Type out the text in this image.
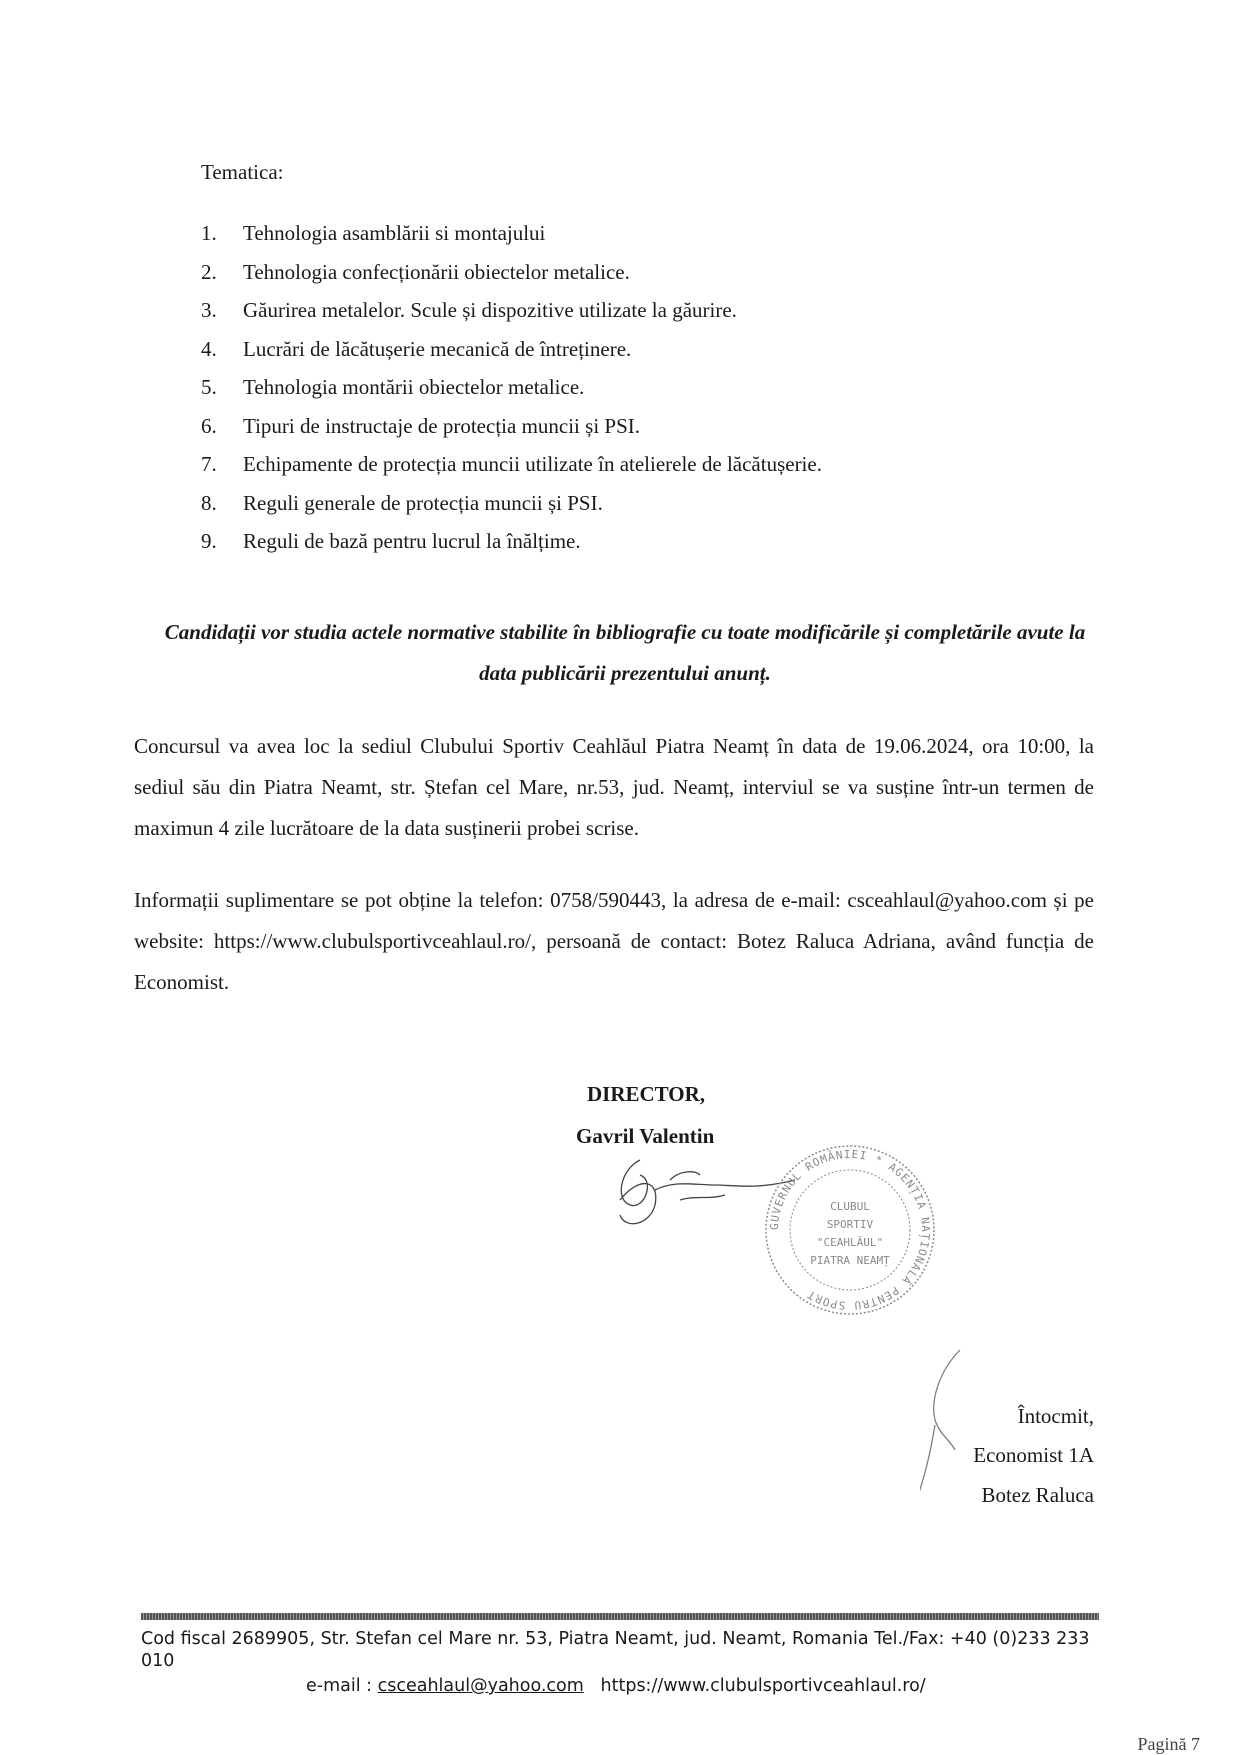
Tematica:
1.	Tehnologia asamblării si montajului
2.	Tehnologia confecționării obiectelor metalice.
3.	Găurirea metalelor. Scule și dispozitive utilizate la găurire.
4.	Lucrări de lăcătușerie mecanică de întreținere.
5.	Tehnologia montării obiectelor metalice.
6.	Tipuri de instructaje de protecția muncii și PSI.
7.	Echipamente de protecția muncii utilizate în atelierele de lăcătușerie.
8.	Reguli generale de protecția muncii și PSI.
9.	Reguli de bază pentru lucrul la înălțime.
Candidații vor studia actele normative stabilite în bibliografie cu toate modificările și completările avute la data publicării prezentului anunț.
Concursul va avea loc la sediul Clubului Sportiv Ceahlăul Piatra Neamț în data de 19.06.2024, ora 10:00, la sediul său din Piatra Neamt, str. Ștefan cel Mare, nr.53, jud. Neamț, interviul se va susține într-un termen de maximun 4 zile lucrătoare de la data susținerii probei scrise.
Informații suplimentare se pot obține la telefon: 0758/590443, la adresa de e-mail: csceahlaul@yahoo.com și pe website: https://www.clubulsportivceahlaul.ro/, persoană de contact: Botez Raluca Adriana, având funcția de Economist.
DIRECTOR,
Gavril Valentin
GUVERNUL ROMÂNIEI * AGENȚIA NAȚIONALĂ PENTRU SPORT
CLUBUL
SPORTIV
"CEAHLĂUL"
PIATRA NEAMȚ
Întocmit,
Economist 1A
Botez Raluca
Cod fiscal 2689905, Str. Stefan cel Mare nr. 53, Piatra Neamt, jud. Neamt, Romania Tel./Fax: +40 (0)233 233 010
e-mail : csceahlaul@yahoo.com https://www.clubulsportivceahlaul.ro/
Pagină 7
